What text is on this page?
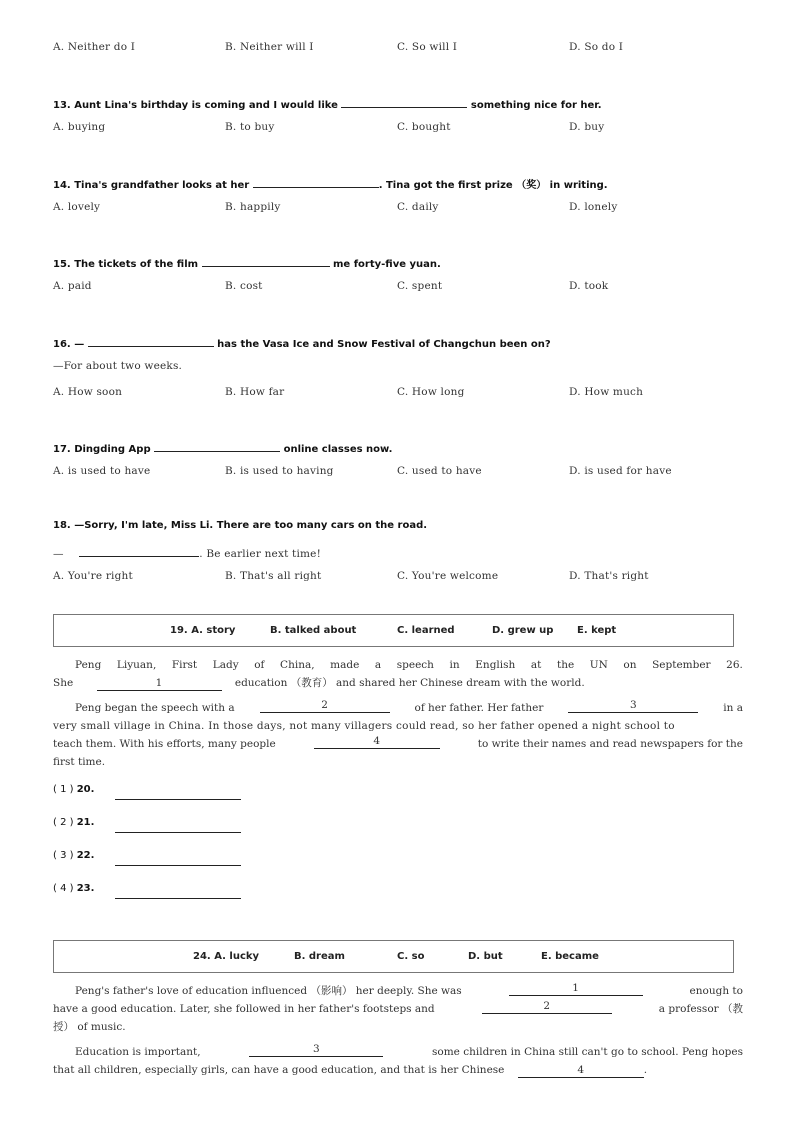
A. Neither do I	B. Neither will I	C. So will I	D. So do I
13. Aunt Lina's birthday is coming and I would like	something nice for her.
A. buying	B. to buy	C. bought	D. buy
14. Tina's grandfather looks at her	. Tina got the first prize （奖） in writing.
A. lovely	B. happily	C. daily	D. lonely
15. The tickets of the film	me forty-five yuan.
A. paid	B. cost	C. spent	D. took
16. —	has the Vasa Ice and Snow Festival of Changchun been on?
—For about two weeks.
A. How soon	B. How far	C. How long	D. How much
17. Dingding App	online classes now.
A. is used to have	B. is used to having	C. used to have	D. is used for have
18. —Sorry, I'm late, Miss Li. There are too many cars on the road.
—	. Be earlier next time!
A. You're right	B. That's all right	C. You're welcome	D. That's right
19. A. story	B. talked about	C. learned	D. grew up E. kept
Peng Liyuan, First Lady of China, made a speech in English at the UN on September 26.
She	1	education （教育） and shared her Chinese dream with the world.
Peng began the speech with a	2	of her father. Her father	3	in a
very small village in China. In those days, not many villagers could read, so her father opened a night school to
teach them. With his efforts, many people	4	to write their names and read newspapers for the
first time.
( 1 ) 20.
( 2 ) 21.
( 3 ) 22.
( 4 ) 23.
24. A. lucky	B. dream	C. so	D. but	E. became
Peng's father's love of education influenced （影响） her deeply. She was	1	enough to
have a good education. Later, she followed in her father's footsteps and	2	a professor （教
授） of music.
Education is important,	3	some children in China still can't go to school. Peng hopes
that all children, especially girls, can have a good education, and that is her Chinese	4	.
